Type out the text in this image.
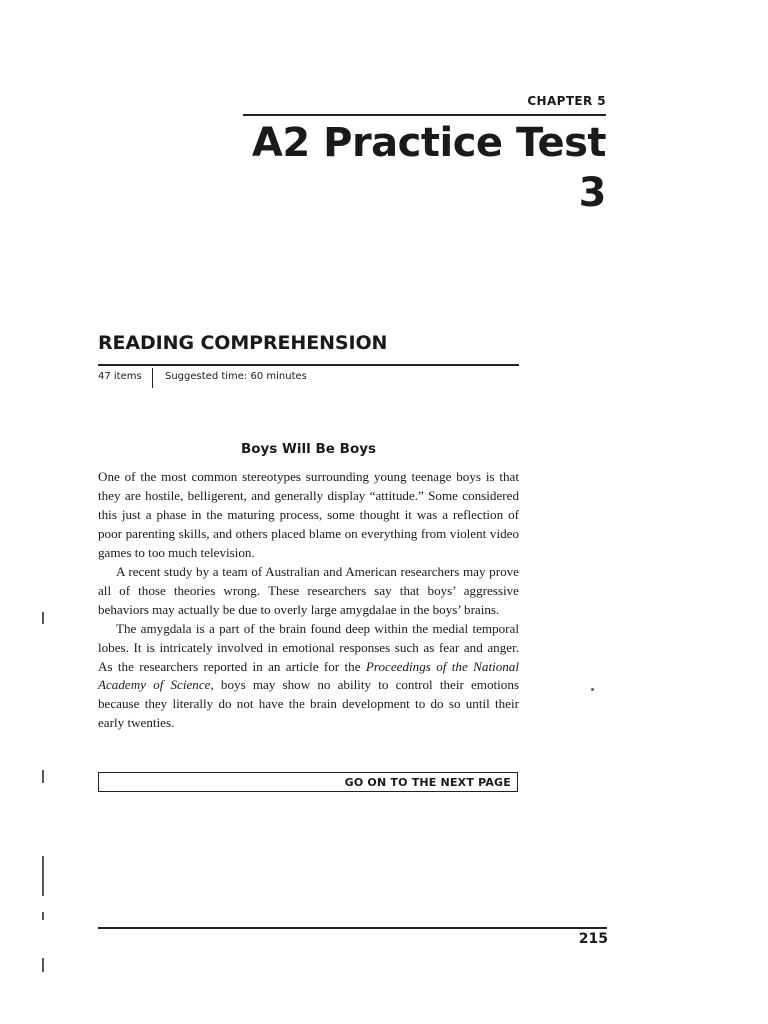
CHAPTER 5
A2 Practice Test 3
READING COMPREHENSION
47 items Suggested time: 60 minutes
Boys Will Be Boys

One of the most common stereotypes surrounding young teenage boys is that they are hostile, belligerent, and generally display “attitude.” Some considered this just a phase in the maturing process, some thought it was a reflection of poor parenting skills, and others placed blame on everything from violent video games to too much television.

A recent study by a team of Australian and American researchers may prove all of those theories wrong. These researchers say that boys’ aggressive behaviors may actually be due to overly large amygdalae in the boys’ brains.

The amygdala is a part of the brain found deep within the medial temporal lobes. It is intricately involved in emotional responses such as fear and anger. As the researchers reported in an article for the Proceedings of the National Academy of Science, boys may show no ability to control their emotions because they literally do not have the brain development to do so until their early twenties.

GO ON TO THE NEXT PAGE
215
